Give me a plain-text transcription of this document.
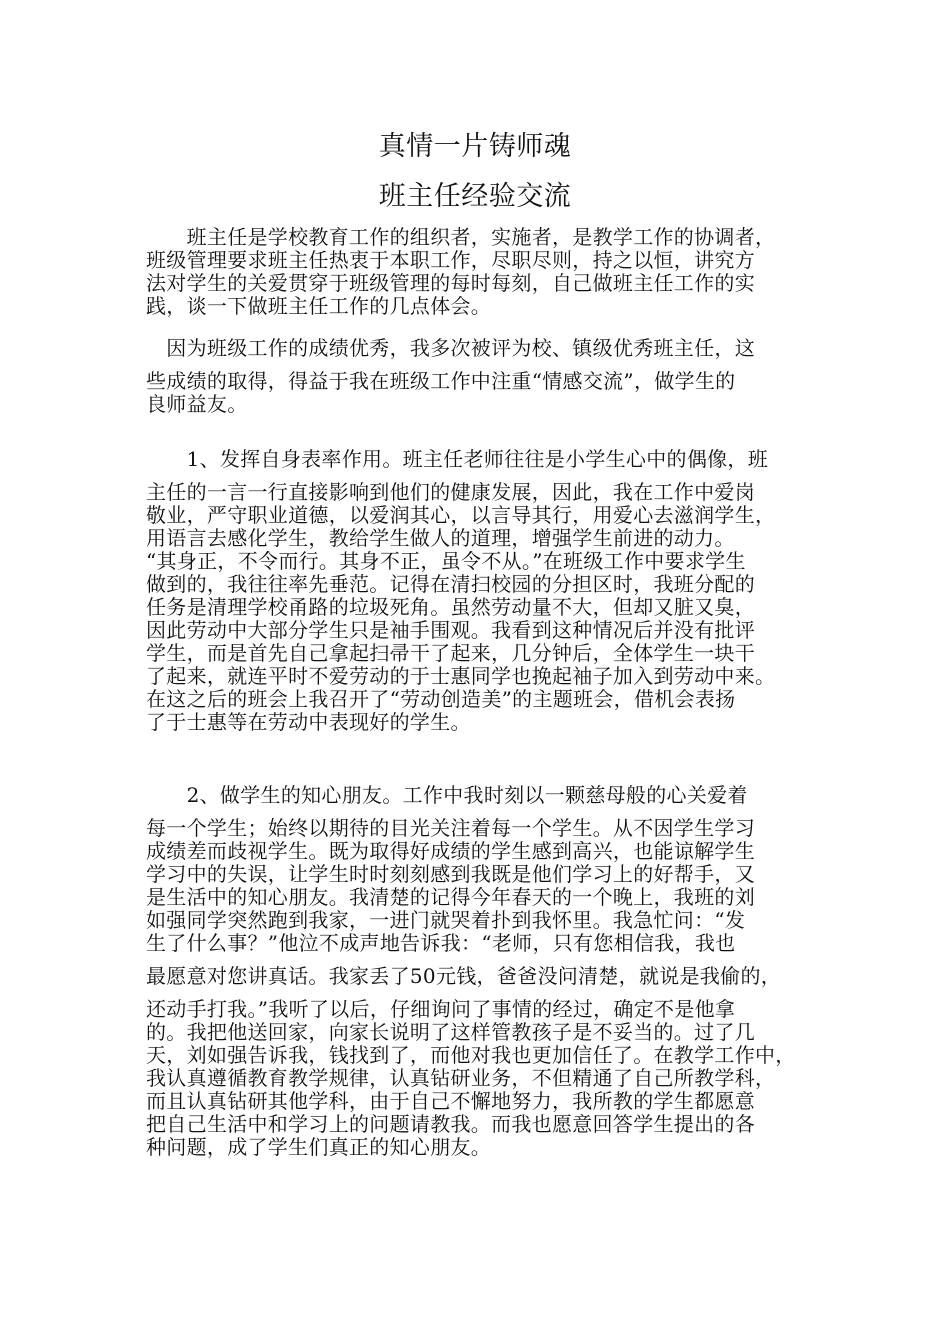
真情一片铸师魂
班主任经验交流
　　班主任是学校教育工作的组织者，实施者，是教学工作的协调者，
班级管理要求班主任热衷于本职工作，尽职尽则，持之以恒，讲究方
法对学生的关爱贯穿于班级管理的每时每刻，自己做班主任工作的实
践，谈一下做班主任工作的几点体会。
　因为班级工作的成绩优秀，我多次被评为校、镇级优秀班主任，这
些成绩的取得，得益于我在班级工作中注重“情感交流”，做学生的
良师益友。
　　1、发挥自身表率作用。班主任老师往往是小学生心中的偶像，班
主任的一言一行直接影响到他们的健康发展，因此，我在工作中爱岗
敬业，严守职业道德，以爱润其心，以言导其行，用爱心去滋润学生，
用语言去感化学生，教给学生做人的道理，增强学生前进的动力。
“其身正，不令而行。其身不正，虽令不从。”在班级工作中要求学生
做到的，我往往率先垂范。记得在清扫校园的分担区时，我班分配的
任务是清理学校甬路的垃圾死角。虽然劳动量不大，但却又脏又臭，
因此劳动中大部分学生只是袖手围观。我看到这种情况后并没有批评
学生，而是首先自己拿起扫帚干了起来，几分钟后，全体学生一块干
了起来，就连平时不爱劳动的于士惠同学也挽起袖子加入到劳动中来。
在这之后的班会上我召开了“劳动创造美”的主题班会，借机会表扬
了于士惠等在劳动中表现好的学生。
　　2、做学生的知心朋友。工作中我时刻以一颗慈母般的心关爱着
每一个学生；始终以期待的目光关注着每一个学生。从不因学生学习
成绩差而歧视学生。既为取得好成绩的学生感到高兴，也能谅解学生
学习中的失误，让学生时时刻刻感到我既是他们学习上的好帮手，又
是生活中的知心朋友。我清楚的记得今年春天的一个晚上，我班的刘
如强同学突然跑到我家，一进门就哭着扑到我怀里。我急忙问：“发
生了什么事？”他泣不成声地告诉我：“老师，只有您相信我，我也
最愿意对您讲真话。我家丢了50元钱，爸爸没问清楚，就说是我偷的，
还动手打我。”我听了以后，仔细询问了事情的经过，确定不是他拿
的。我把他送回家，向家长说明了这样管教孩子是不妥当的。过了几
天，刘如强告诉我，钱找到了，而他对我也更加信任了。在教学工作中，
我认真遵循教育教学规律，认真钻研业务，不但精通了自己所教学科，
而且认真钻研其他学科，由于自己不懈地努力，我所教的学生都愿意
把自己生活中和学习上的问题请教我。而我也愿意回答学生提出的各
种问题，成了学生们真正的知心朋友。
